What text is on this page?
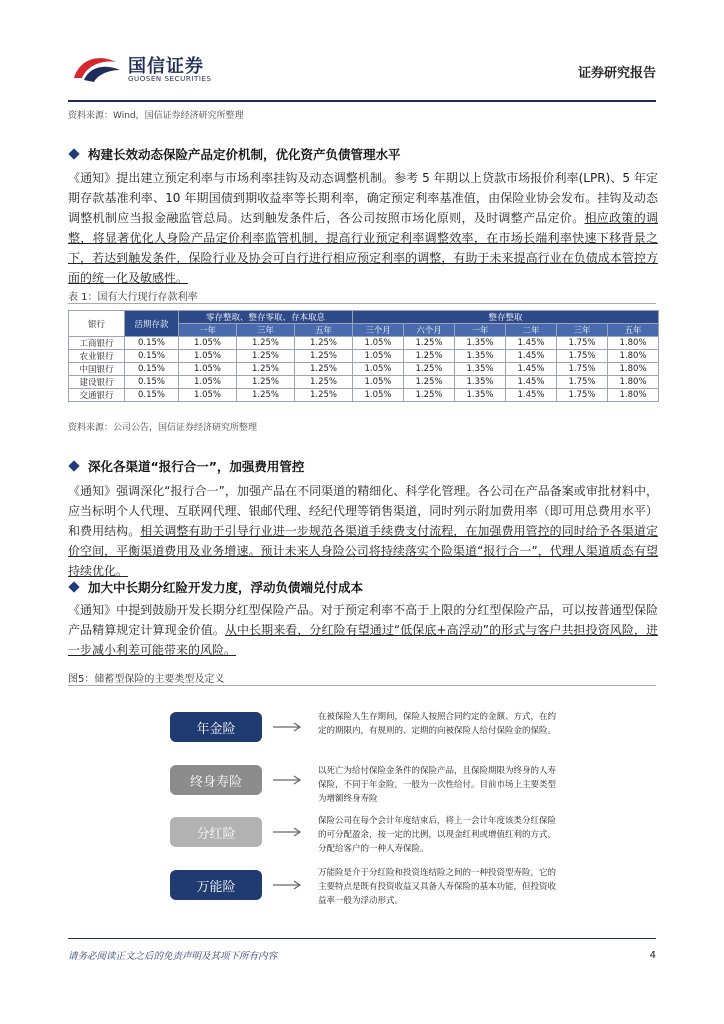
国信证券
GUOSEN SECURITIES	证券研究报告
资料来源：Wind，国信证券经济研究所整理
构建长效动态保险产品定价机制，优化资产负债管理水平
《通知》提出建立预定利率与市场利率挂钩及动态调整机制。参考 5 年期以上贷款市场报价利率(LPR)、5 年定期存款基准利率、10 年期国债到期收益率等长期利率，确定预定利率基准值，由保险业协会发布。挂钩及动态调整机制应当报金融监管总局。达到触发条件后，各公司按照市场化原则，及时调整产品定价。相应政策的调整，将显著优化人身险产品定价利率监管机制，提高行业预定利率调整效率，在市场长端利率快速下移背景之下，若达到触发条件，保险行业及协会可自行进行相应预定利率的调整，有助于未来提高行业在负债成本管控方面的统一化及敏感性。
表 1：国有大行现行存款利率
银行	活期存款	零存整取、整存零取、存本取息			整存整取					
		一年	三年	五年	三个月	六个月	一年	二年	三年	五年
工商银行	0.15%	1.05%	1.25%	1.25%	1.05%	1.25%	1.35%	1.45%	1.75%	1.80%
农业银行	0.15%	1.05%	1.25%	1.25%	1.05%	1.25%	1.35%	1.45%	1.75%	1.80%
中国银行	0.15%	1.05%	1.25%	1.25%	1.05%	1.25%	1.35%	1.45%	1.75%	1.80%
建设银行	0.15%	1.05%	1.25%	1.25%	1.05%	1.25%	1.35%	1.45%	1.75%	1.80%
交通银行	0.15%	1.05%	1.25%	1.25%	1.05%	1.25%	1.35%	1.45%	1.75%	1.80%
资料来源：公司公告，国信证券经济研究所整理
深化各渠道“报行合一”，加强费用管控
《通知》强调深化“报行合一”，加强产品在不同渠道的精细化、科学化管理。各公司在产品备案或审批材料中，应当标明个人代理、互联网代理、银邮代理、经纪代理等销售渠道，同时列示附加费用率（即可用总费用水平）和费用结构。相关调整有助于引导行业进一步规范各渠道手续费支付流程，在加强费用管控的同时给予各渠道定价空间，平衡渠道费用及业务增速。预计未来人身险公司将持续落实个险渠道“报行合一”，代理人渠道质态有望持续优化。
加大中长期分红险开发力度，浮动负债端兑付成本
《通知》中提到鼓励开发长期分红型保险产品。对于预定利率不高于上限的分红型保险产品，可以按普通型保险产品精算规定计算现金价值。从中长期来看，分红险有望通过“低保底+高浮动”的形式与客户共担投资风险，进一步减小利差可能带来的风险。
图5：储蓄型保险的主要类型及定义
年金险
终身寿险
分红险
万能险
在被保险人生存期间，保险人按照合同约定的金额、方式，在约定的期限内，有规则的、定期的向被保险人给付保险金的保险。
以死亡为给付保险金条件的保险产品，且保险期限为终身的人寿保险，不同于年金险，一般为一次性给付。目前市场上主要类型为增额终身寿险
保险公司在每个会计年度结束后，将上一会计年度该类分红保险的可分配盈余，按一定的比例，以现金红利或增值红利的方式，分配给客户的一种人寿保险。
万能险是介于分红险和投资连结险之间的一种投资型寿险，它的主要特点是既有投资收益又具备人寿保险的基本功能，但投资收益率一般为浮动形式。
请务必阅读正文之后的免责声明及其项下所有内容	4
